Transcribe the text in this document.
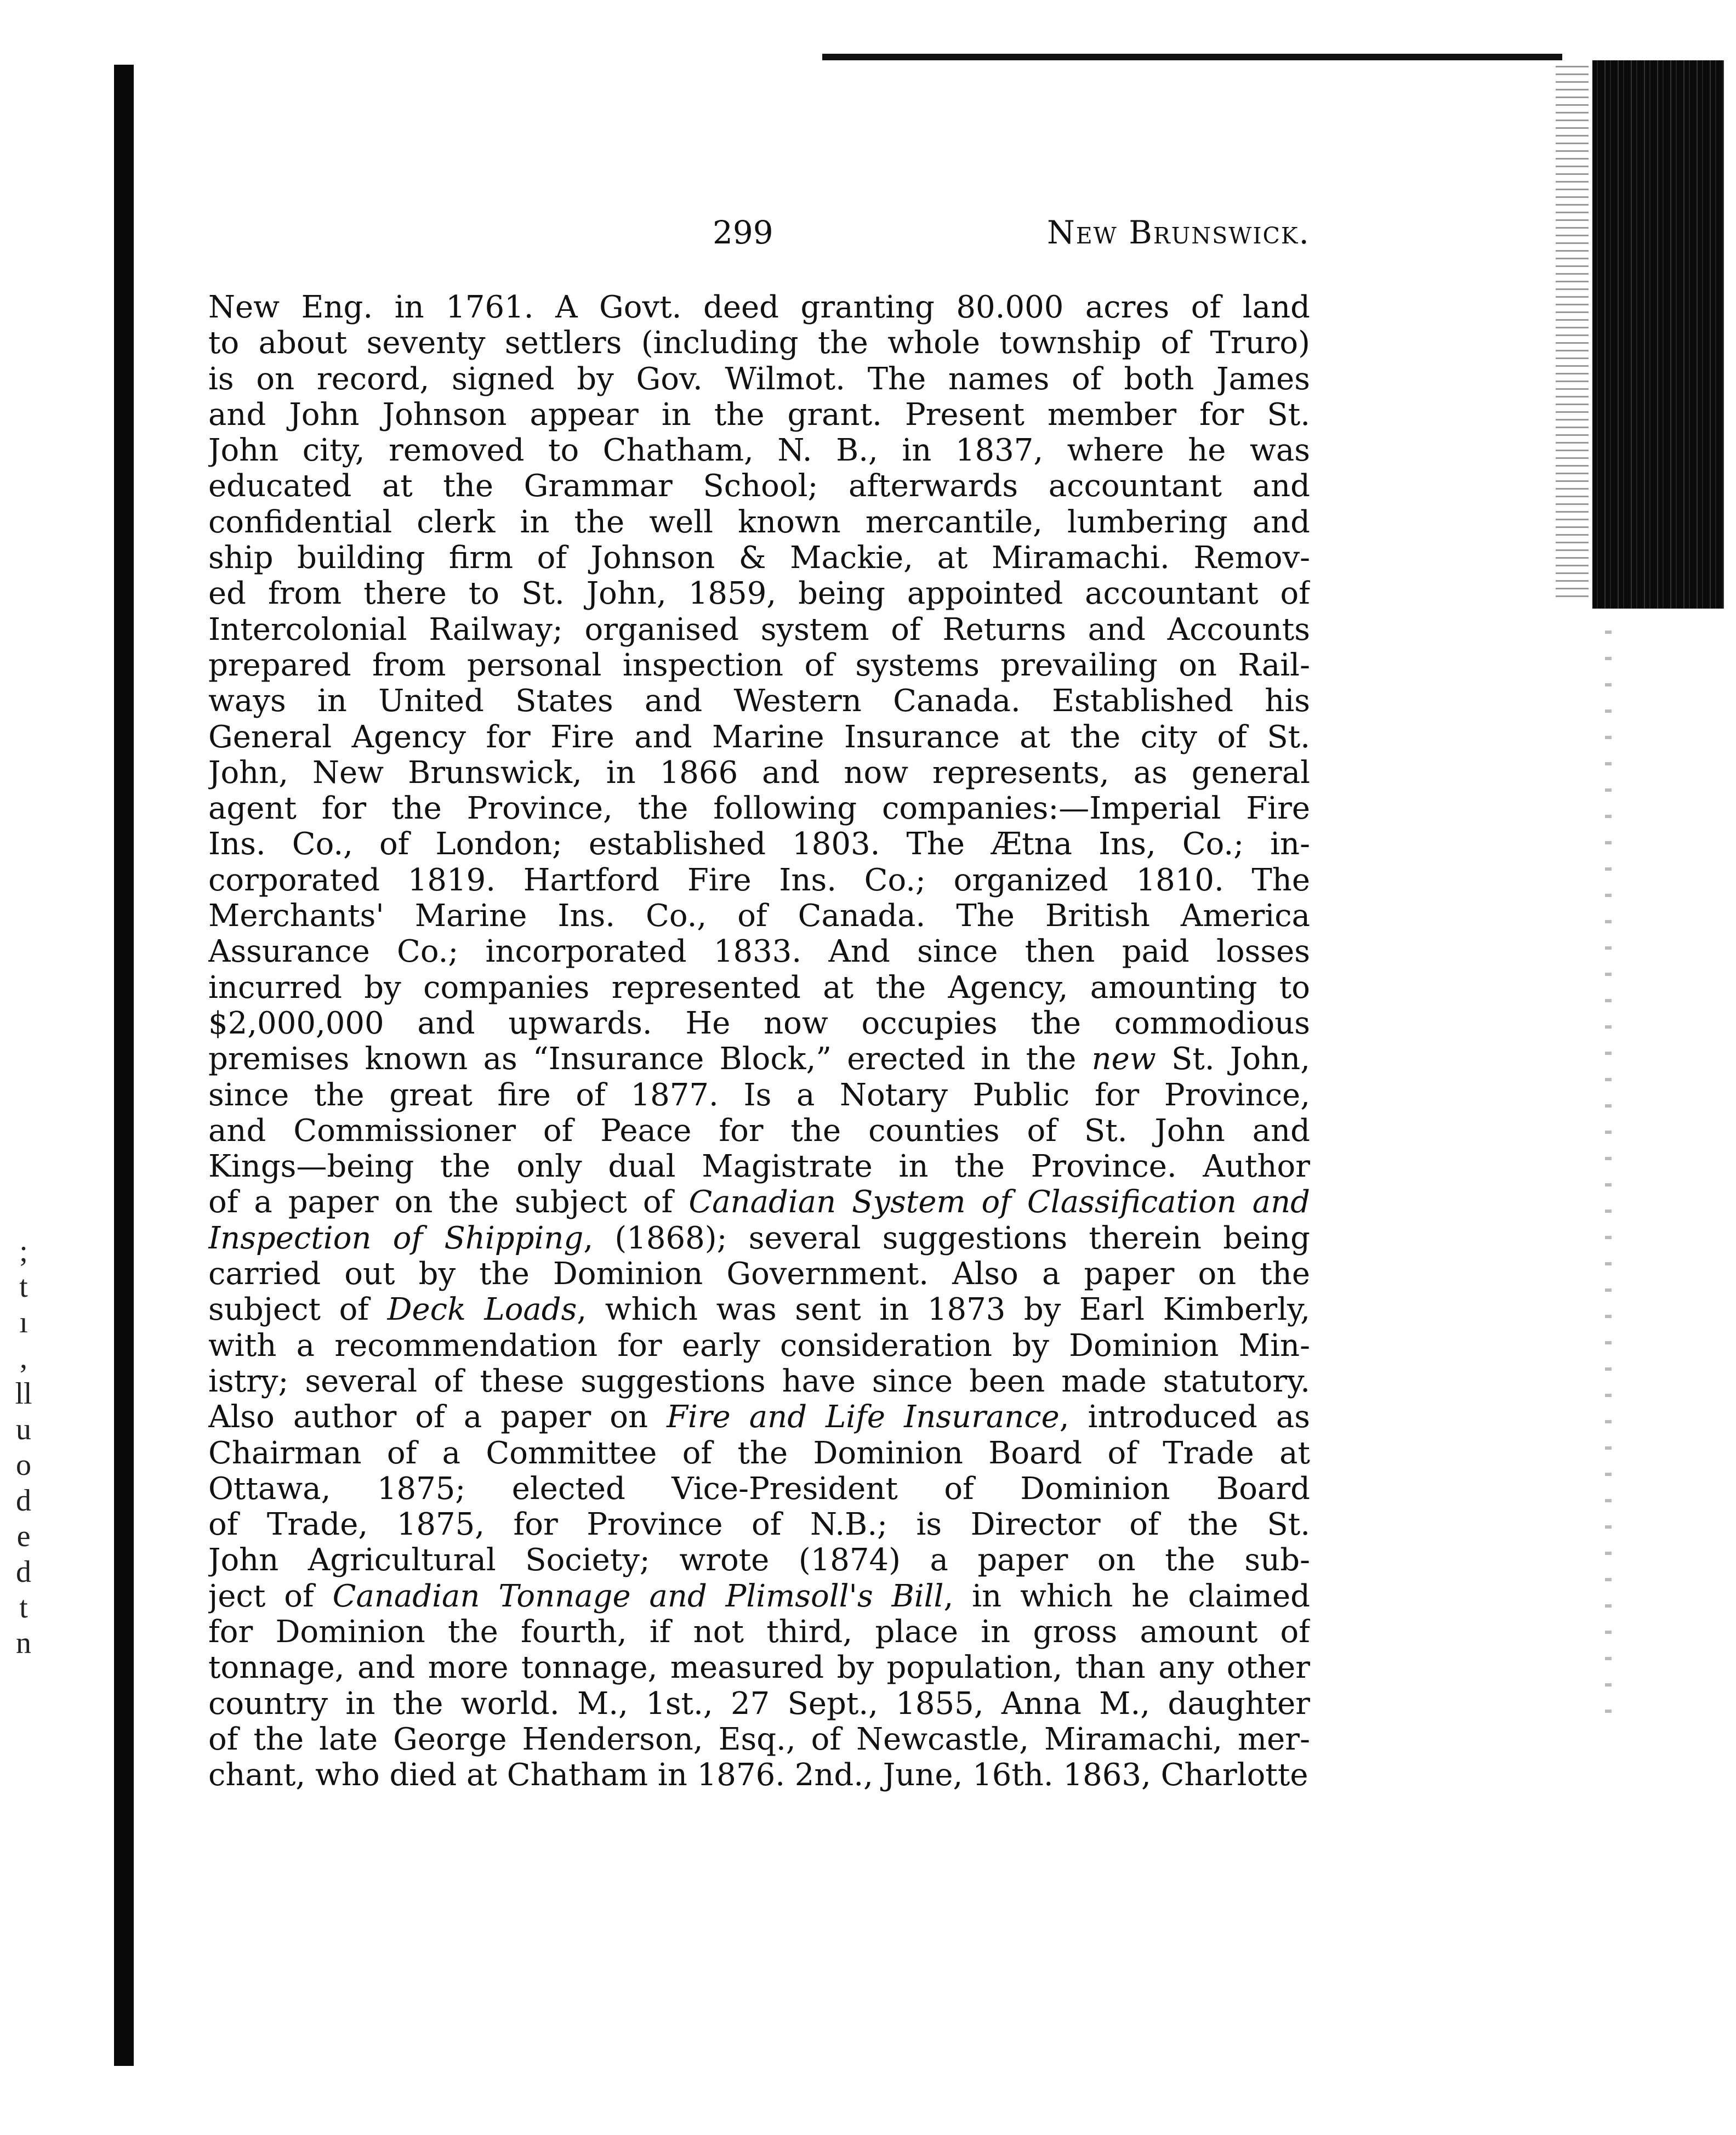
;
t
ı
,
ll
u
o
d
e
d
t
n
299	New Brunswick.
New Eng. in 1761. A Govt. deed granting 80.000 acres of land
to about seventy settlers (including the whole township of Truro)
is on record, signed by Gov. Wilmot. The names of both James
and John Johnson appear in the grant. Present member for St.
John city, removed to Chatham, N. B., in 1837, where he was
educated at the Grammar School; afterwards accountant and
confidential clerk in the well known mercantile, lumbering and
ship building firm of Johnson & Mackie, at Miramachi. Remov-
ed from there to St. John, 1859, being appointed accountant of
Intercolonial Railway; organised system of Returns and Accounts
prepared from personal inspection of systems prevailing on Rail-
ways in United States and Western Canada. Established his
General Agency for Fire and Marine Insurance at the city of St.
John, New Brunswick, in 1866 and now represents, as general
agent for the Province, the following companies:—Imperial Fire
Ins. Co., of London; established 1803. The Ætna Ins, Co.; in-
corporated 1819. Hartford Fire Ins. Co.; organized 1810. The
Merchants' Marine Ins. Co., of Canada. The British America
Assurance Co.; incorporated 1833. And since then paid losses
incurred by companies represented at the Agency, amounting to
$2,000,000 and upwards. He now occupies the commodious
premises known as “Insurance Block,” erected in the new St. John,
since the great fire of 1877. Is a Notary Public for Province,
and Commissioner of Peace for the counties of St. John and
Kings—being the only dual Magistrate in the Province. Author
of a paper on the subject of Canadian System of Classification and
Inspection of Shipping, (1868); several suggestions therein being
carried out by the Dominion Government. Also a paper on the
subject of Deck Loads, which was sent in 1873 by Earl Kimberly,
with a recommendation for early consideration by Dominion Min-
istry; several of these suggestions have since been made statutory.
Also author of a paper on Fire and Life Insurance, introduced as
Chairman of a Committee of the Dominion Board of Trade at
Ottawa, 1875; elected Vice-President of Dominion Board
of Trade, 1875, for Province of N.B.; is Director of the St.
John Agricultural Society; wrote (1874) a paper on the sub-
ject of Canadian Tonnage and Plimsoll's Bill, in which he claimed
for Dominion the fourth, if not third, place in gross amount of
tonnage, and more tonnage, measured by population, than any other
country in the world. M., 1st., 27 Sept., 1855, Anna M., daughter
of the late George Henderson, Esq., of Newcastle, Miramachi, mer-
chant, who died at Chatham in 1876. 2nd., June, 16th. 1863, Charlotte
